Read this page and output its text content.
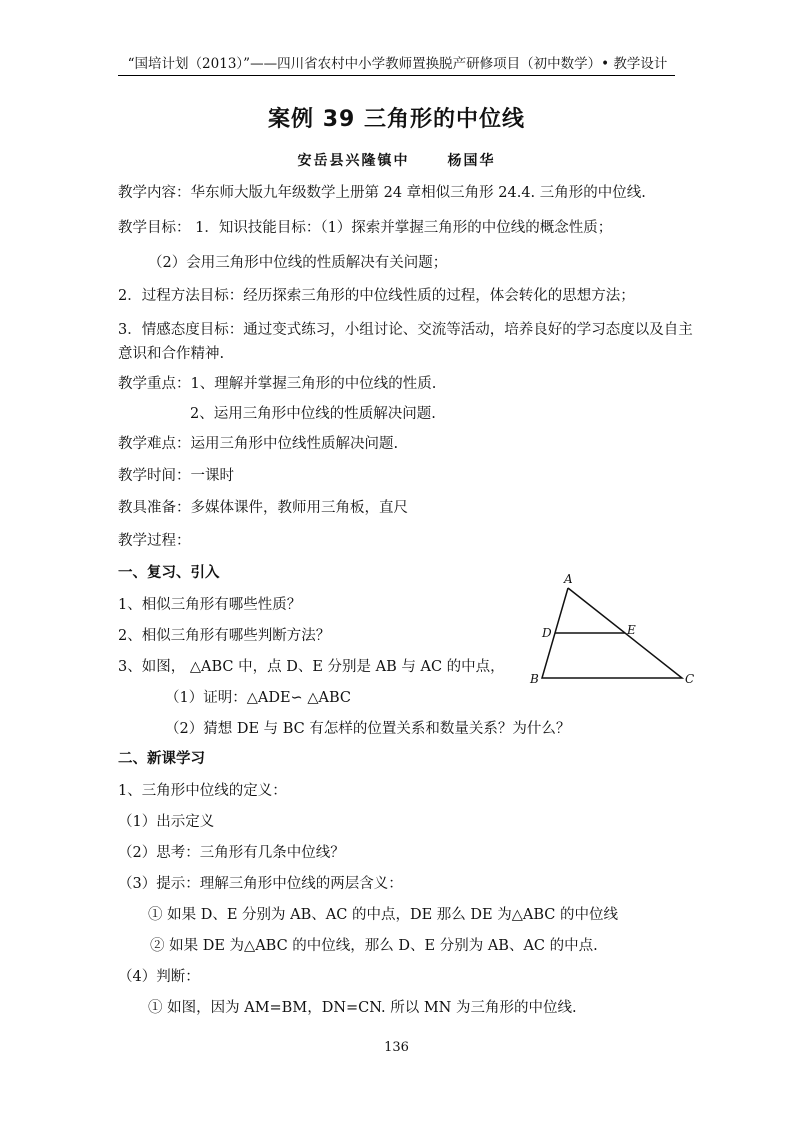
“国培计划（2013）”——四川省农村中小学教师置换脱产研修项目（初中数学）• 教学设计
案例 39 三角形的中位线
安岳县兴隆镇中	杨国华
教学内容：华东师大版九年级数学上册第 24 章相似三角形 24.4. 三角形的中位线.
教学目标： 1．知识技能目标：（1）探索并掌握三角形的中位线的概念性质；
（2）会用三角形中位线的性质解决有关问题；
2．过程方法目标：经历探索三角形的中位线性质的过程，体会转化的思想方法；
3．情感态度目标：通过变式练习，小组讨论、交流等活动，培养良好的学习态度以及自主
意识和合作精神.
教学重点：1、理解并掌握三角形的中位线的性质.
2、运用三角形中位线的性质解决问题.
教学难点：运用三角形中位线性质解决问题.
教学时间：一课时
教具准备：多媒体课件，教师用三角板，直尺
教学过程：
一、复习、引入
1、相似三角形有哪些性质？
2、相似三角形有哪些判断方法？
3、如图， △ABC 中，点 D、E 分别是 AB 与 AC 的中点，
（1）证明：△ADE∽ △ABC
（2）猜想 DE 与 BC 有怎样的位置关系和数量关系？为什么？
二、新课学习
1、三角形中位线的定义：
（1）出示定义
（2）思考：三角形有几条中位线？
（3）提示：理解三角形中位线的两层含义：
① 如果 D、E 分别为 AB、AC 的中点，DE 那么 DE 为△ABC 的中位线
② 如果 DE 为△ABC 的中位线，那么 D、E 分别为 AB、AC 的中点.
（4）判断：
① 如图，因为 AM=BM，DN=CN. 所以 MN 为三角形的中位线.
A
D	E
B	C
136
